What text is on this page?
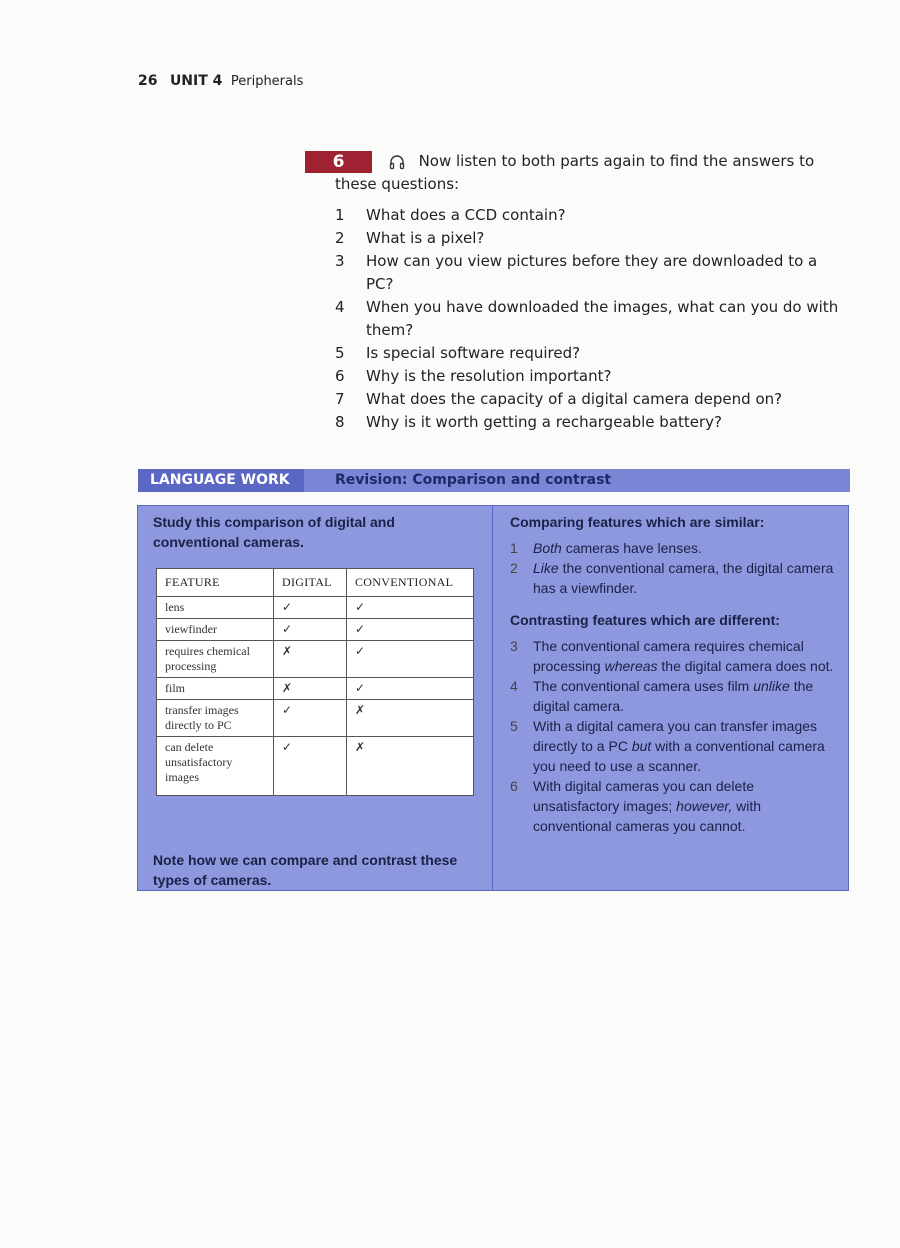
26 UNIT 4 Peripherals
6	Now listen to both parts again to find the answers to
these questions:
1	What does a CCD contain?
2	What is a pixel?
3	How can you view pictures before they are downloaded to a PC?
4	When you have downloaded the images, what can you do with them?
5	Is special software required?
6	Why is the resolution important?
7	What does the capacity of a digital camera depend on?
8	Why is it worth getting a rechargeable battery?
LANGUAGE WORK	Revision: Comparison and contrast
Study this comparison of digital and conventional cameras.
FEATURE	DIGITAL	CONVENTIONAL
lens	✓	✓
viewfinder	✓	✓
requires chemical processing	✗	✓
film	✗	✓
transfer images directly to PC	✓	✗
can delete unsatisfactory images	✓	✗
Note how we can compare and contrast these types of cameras.
Comparing features which are similar:
1	Both cameras have lenses.
2	Like the conventional camera, the digital camera has a viewfinder.
Contrasting features which are different:
3	The conventional camera requires chemical processing whereas the digital camera does not.
4	The conventional camera uses film unlike the digital camera.
5	With a digital camera you can transfer images directly to a PC but with a conventional camera you need to use a scanner.
6	With digital cameras you can delete unsatisfactory images; however, with conventional cameras you cannot.
